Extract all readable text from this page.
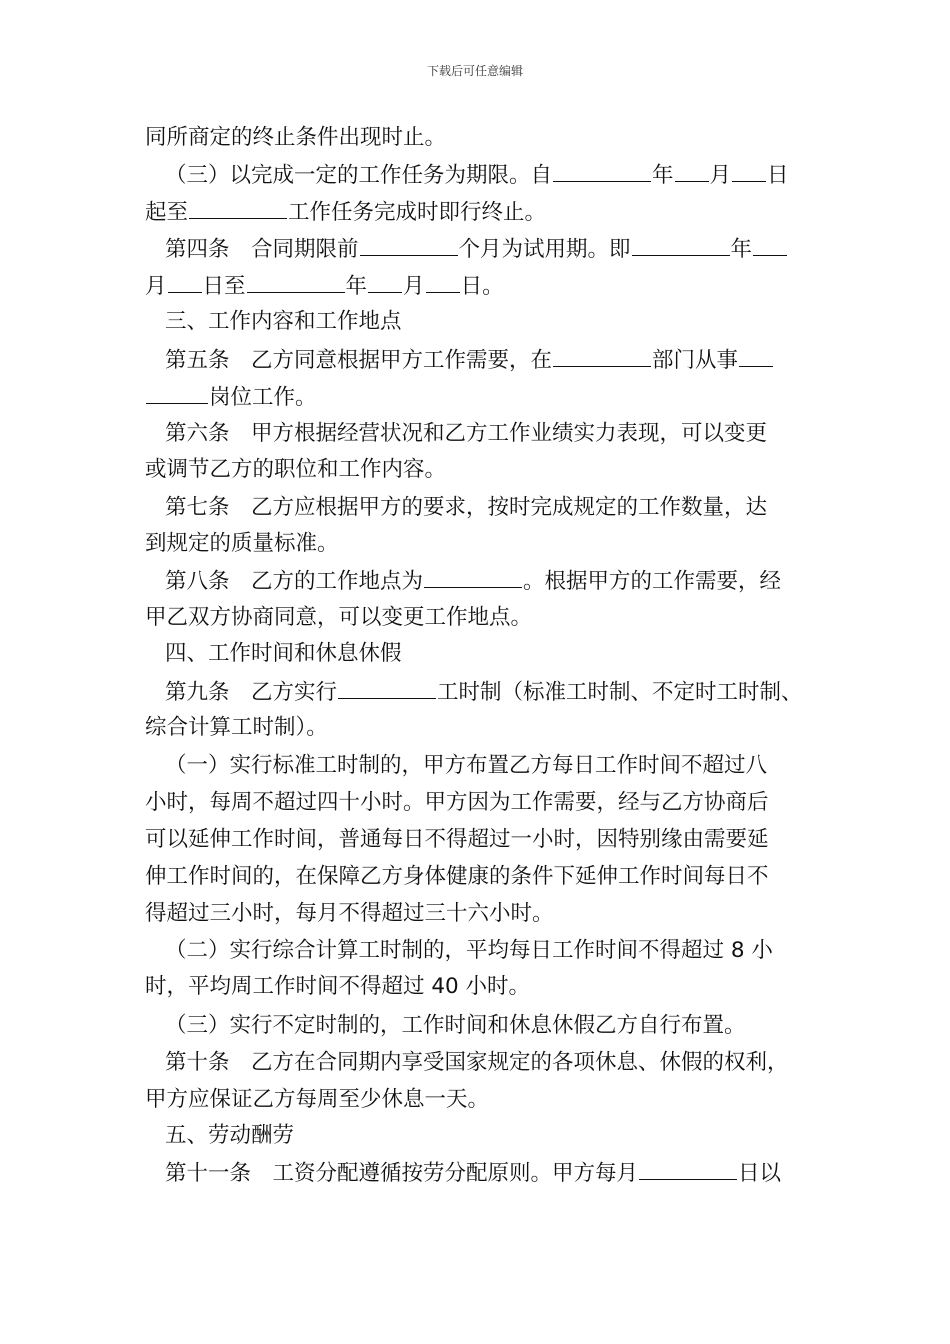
下载后可任意编辑
同所商定的终止条件出现时止。
（三）以完成一定的工作任务为期限。自	年 月 日
起至	工作任务完成时即行终止。
第四条　合同期限前	个月为试用期。即	年
月 日至	年 月 日。
三、工作内容和工作地点
第五条　乙方同意根据甲方工作需要，在	部门从事
岗位工作。
第六条　甲方根据经营状况和乙方工作业绩实力表现，可以变更
或调节乙方的职位和工作内容。
第七条　乙方应根据甲方的要求，按时完成规定的工作数量，达
到规定的质量标准。
第八条　乙方的工作地点为	。根据甲方的工作需要，经
甲乙双方协商同意，可以变更工作地点。
四、工作时间和休息休假
第九条　乙方实行	工时制（标准工时制、不定时工时制、
综合计算工时制）。
（一）实行标准工时制的，甲方布置乙方每日工作时间不超过八
小时，每周不超过四十小时。甲方因为工作需要，经与乙方协商后
可以延伸工作时间，普通每日不得超过一小时，因特别缘由需要延
伸工作时间的，在保障乙方身体健康的条件下延伸工作时间每日不
得超过三小时，每月不得超过三十六小时。
（二）实行综合计算工时制的，平均每日工作时间不得超过 8 小
时，平均周工作时间不得超过 40 小时。
（三）实行不定时制的，工作时间和休息休假乙方自行布置。
第十条　乙方在合同期内享受国家规定的各项休息、休假的权利，
甲方应保证乙方每周至少休息一天。
五、劳动酬劳
第十一条　工资分配遵循按劳分配原则。甲方每月	日以
